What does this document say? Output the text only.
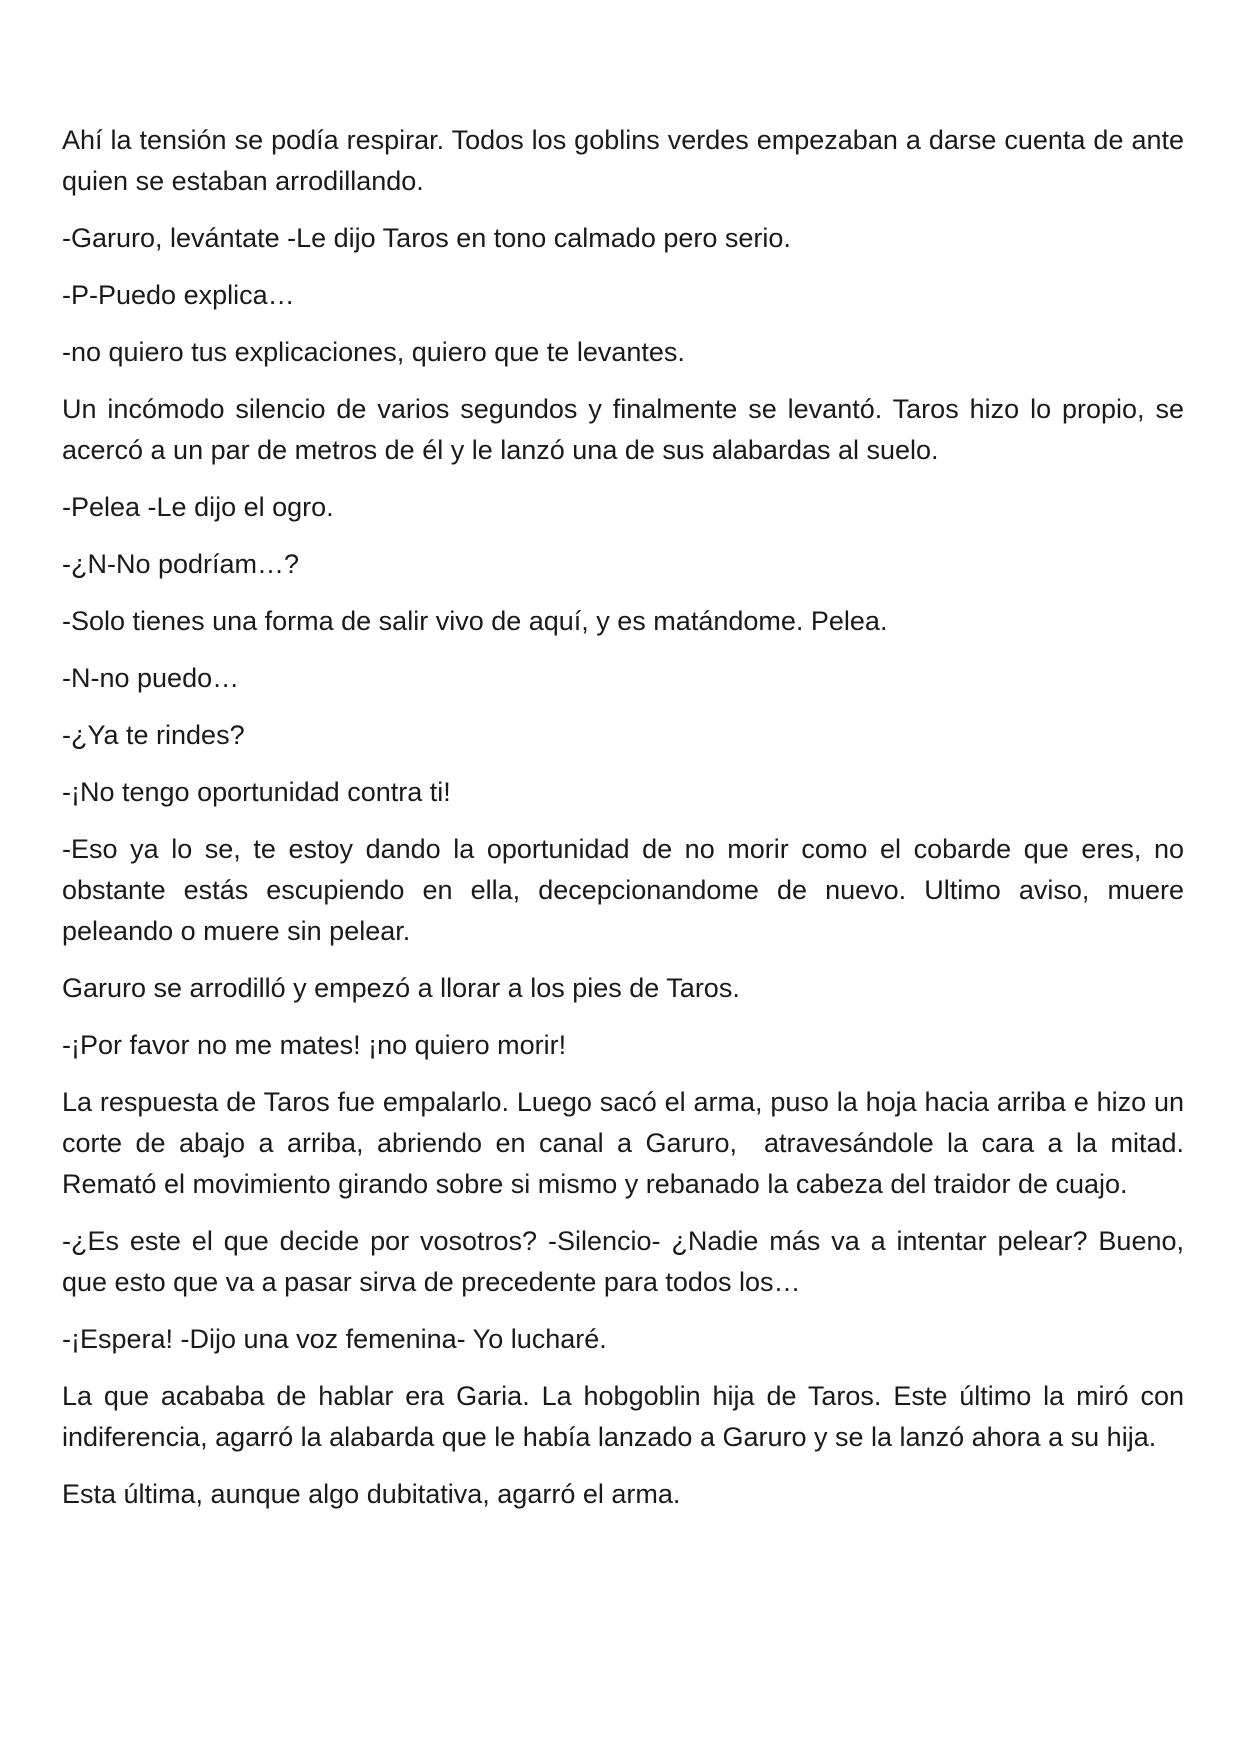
Ahí la tensión se podía respirar. Todos los goblins verdes empezaban a darse cuenta de ante quien se estaban arrodillando.

-Garuro, levántate -Le dijo Taros en tono calmado pero serio.

-P-Puedo explica…

-no quiero tus explicaciones, quiero que te levantes.

Un incómodo silencio de varios segundos y finalmente se levantó. Taros hizo lo propio, se acercó a un par de metros de él y le lanzó una de sus alabardas al suelo.

-Pelea -Le dijo el ogro.

-¿N-No podríam…?

-Solo tienes una forma de salir vivo de aquí, y es matándome. Pelea.

-N-no puedo…

-¿Ya te rindes?

-¡No tengo oportunidad contra ti!

-Eso ya lo se, te estoy dando la oportunidad de no morir como el cobarde que eres, no obstante estás escupiendo en ella, decepcionandome de nuevo. Ultimo aviso, muere peleando o muere sin pelear.

Garuro se arrodilló y empezó a llorar a los pies de Taros.

-¡Por favor no me mates! ¡no quiero morir!

La respuesta de Taros fue empalarlo. Luego sacó el arma, puso la hoja hacia arriba e hizo un corte de abajo a arriba, abriendo en canal a Garuro,  atravesándole la cara a la mitad. Remató el movimiento girando sobre si mismo y rebanado la cabeza del traidor de cuajo.

-¿Es este el que decide por vosotros? -Silencio- ¿Nadie más va a intentar pelear? Bueno, que esto que va a pasar sirva de precedente para todos los…

-¡Espera! -Dijo una voz femenina- Yo lucharé.

La que acababa de hablar era Garia. La hobgoblin hija de Taros. Este último la miró con indiferencia, agarró la alabarda que le había lanzado a Garuro y se la lanzó ahora a su hija.

Esta última, aunque algo dubitativa, agarró el arma.
